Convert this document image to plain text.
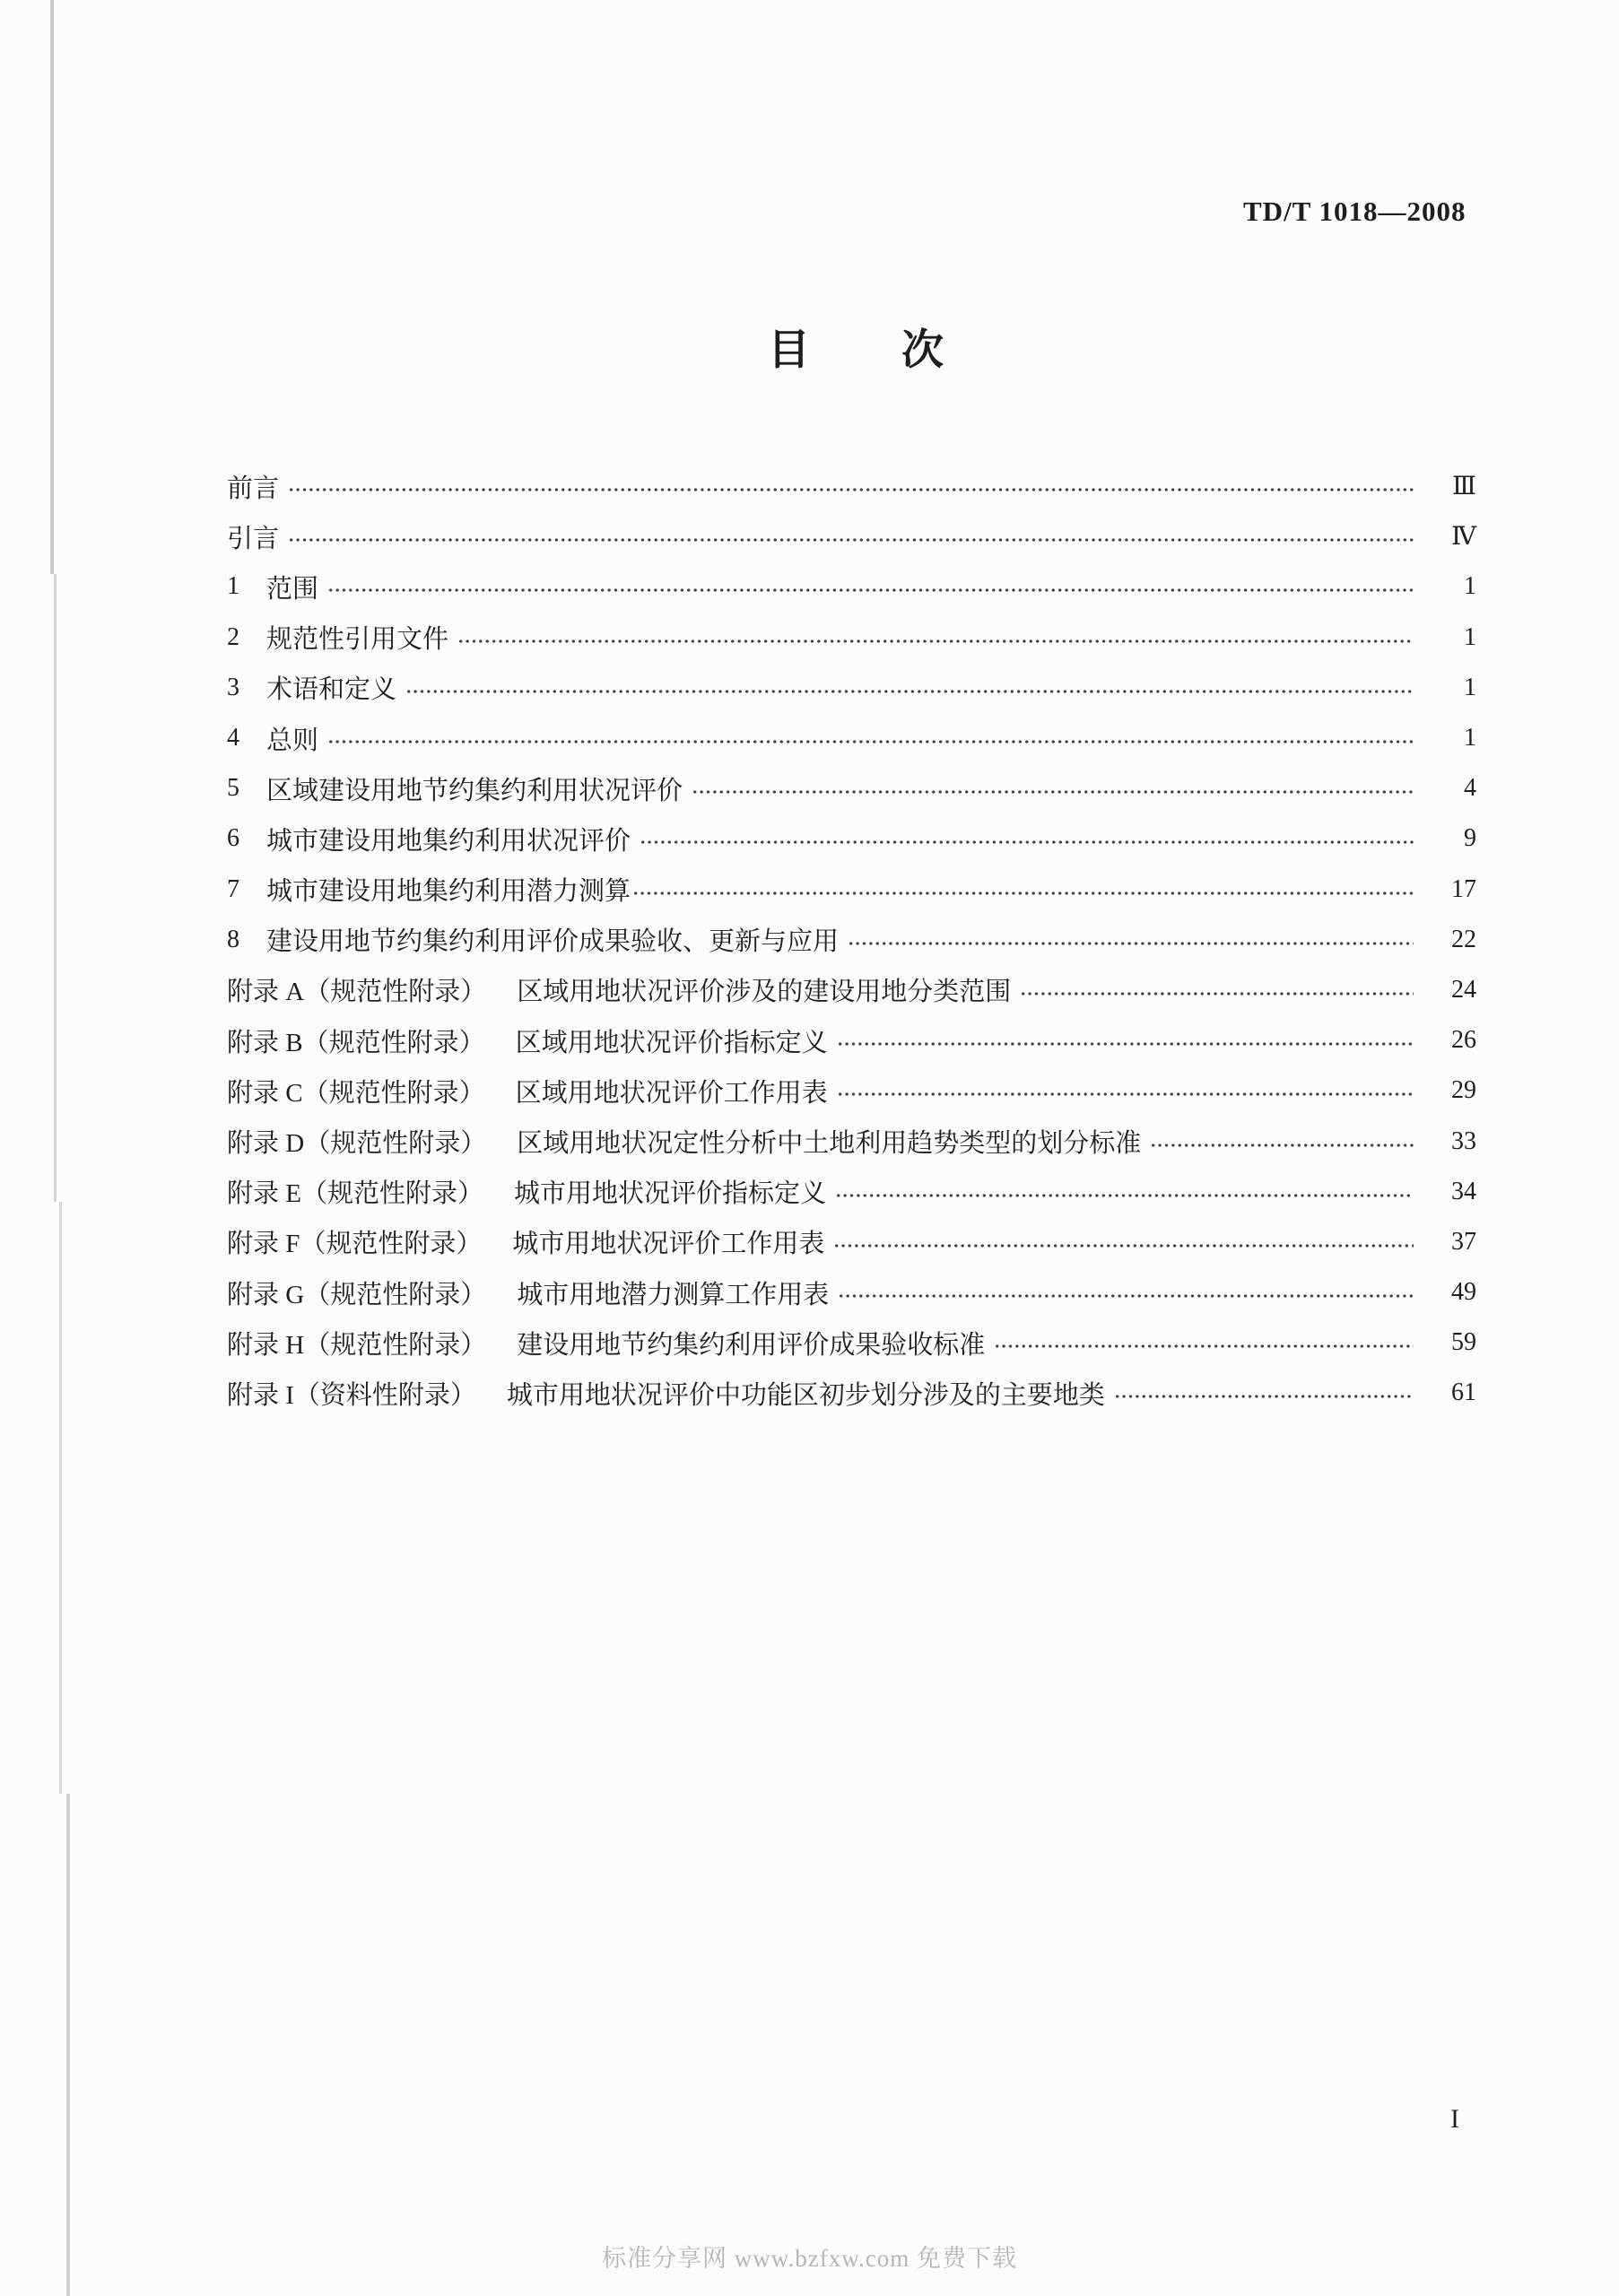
TD/T 1018—2008
目 次
前言	Ⅲ
引言	Ⅳ
1 范围	1
2 规范性引用文件	1
3 术语和定义	1
4 总则	1
5 区域建设用地节约集约利用状况评价	4
6 城市建设用地集约利用状况评价	9
7 城市建设用地集约利用潜力测算	17
8 建设用地节约集约利用评价成果验收、更新与应用	22
附录 A（规范性附录） 区域用地状况评价涉及的建设用地分类范围	24
附录 B（规范性附录） 区域用地状况评价指标定义	26
附录 C（规范性附录） 区域用地状况评价工作用表	29
附录 D（规范性附录） 区域用地状况定性分析中土地利用趋势类型的划分标准	33
附录 E（规范性附录） 城市用地状况评价指标定义	34
附录 F（规范性附录） 城市用地状况评价工作用表	37
附录 G（规范性附录） 城市用地潜力测算工作用表	49
附录 H（规范性附录） 建设用地节约集约利用评价成果验收标准	59
附录 I（资料性附录） 城市用地状况评价中功能区初步划分涉及的主要地类	61
I
标准分享网 www.bzfxw.com 免费下载
